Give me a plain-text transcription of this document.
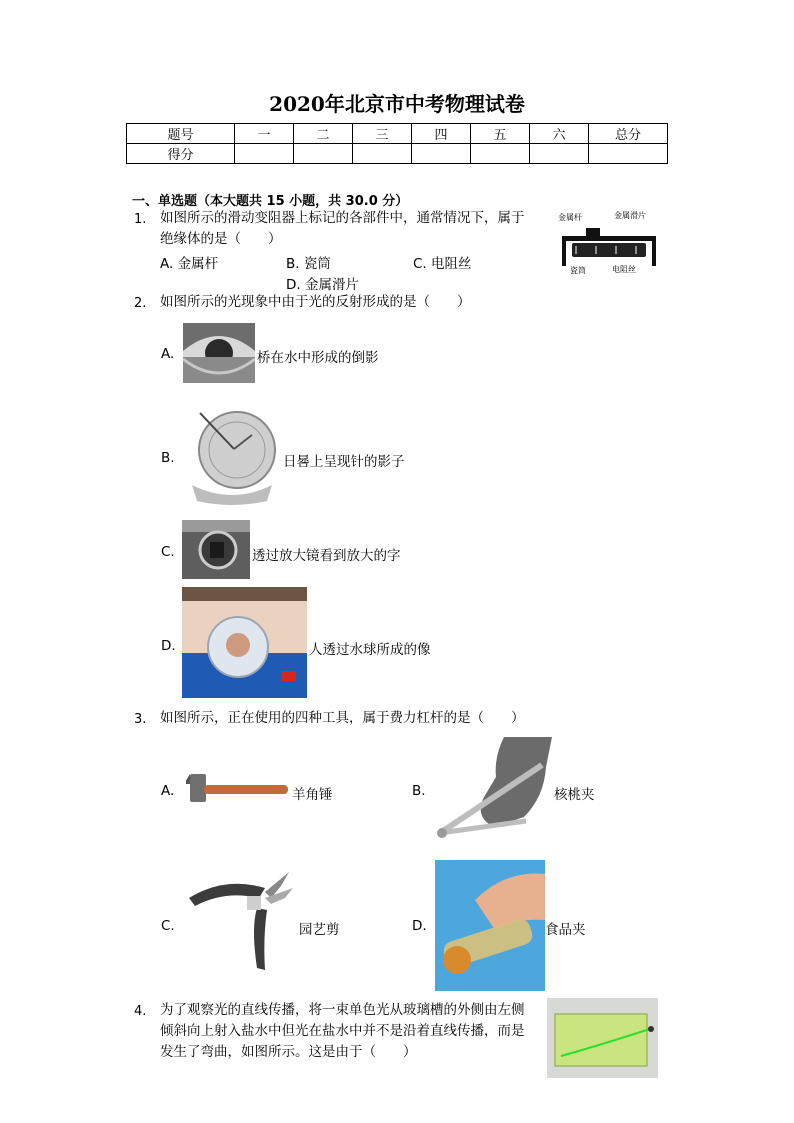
2020年北京市中考物理试卷
题号	一	二	三	四	五	六	总分
得分							
一、单选题（本大题共 15 小题，共 30.0 分）
1. 如图所示的滑动变阻器上标记的各部件中，通常情况下，属于
绝缘体的是（　　）
A. 金属杆	B. 瓷筒	C. 电阻丝
D. 金属滑片
金属杆	金属滑片
瓷筒	电阻丝
2. 如图所示的光现象中由于光的反射形成的是（　　）
A.	桥在水中形成的倒影
B.	日晷上呈现针的影子
C.	透过放大镜看到放大的字
D.	人透过水球所成的像
3. 如图所示，正在使用的四种工具，属于费力杠杆的是（　　）
A.	羊角锤	B.	核桃夹
C.	园艺剪	D.	食品夹
4. 为了观察光的直线传播，将一束单色光从玻璃槽的外侧由左侧
倾斜向上射入盐水中但光在盐水中并不是沿着直线传播，而是
发生了弯曲，如图所示。这是由于（　　）
